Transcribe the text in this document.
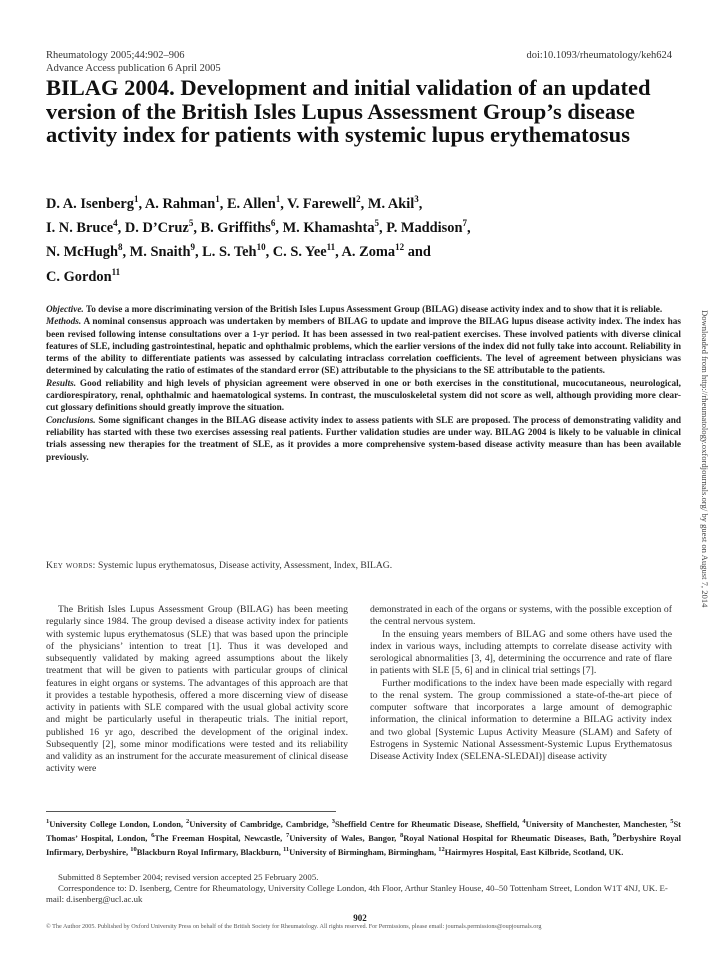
Rheumatology 2005;44:902–906
Advance Access publication 6 April 2005
doi:10.1093/rheumatology/keh624
BILAG 2004. Development and initial validation of an updated version of the British Isles Lupus Assessment Group’s disease activity index for patients with systemic lupus erythematosus
D. A. Isenberg$^1$, A. Rahman$^1$, E. Allen$^1$, V. Farewell$^2$, M. Akil$^3$,
I. N. Bruce$^4$, D. D’Cruz$^5$, B. Griffiths$^6$, M. Khamashta$^5$, P. Maddison$^7$,
N. McHugh$^8$, M. Snaith$^9$, L. S. Teh$^{10}$, C. S. Yee$^{11}$, A. Zoma$^{12}$ and
C. Gordon$^{11}$

Objective. To devise a more discriminating version of the British Isles Lupus Assessment Group (BILAG) disease activity index and to show that it is reliable.

Methods. A nominal consensus approach was undertaken by members of BILAG to update and improve the BILAG lupus disease activity index. The index has been revised following intense consultations over a 1-yr period. It has been assessed in two real-patient exercises. These involved patients with diverse clinical features of SLE, including gastrointestinal, hepatic and ophthalmic problems, which the earlier versions of the index did not fully take into account. Reliability in terms of the ability to differentiate patients was assessed by calculating intraclass correlation coefficients. The level of agreement between physicians was determined by calculating the ratio of estimates of the standard error (SE) attributable to the physicians to the SE attributable to the patients.

Results. Good reliability and high levels of physician agreement were observed in one or both exercises in the constitutional, mucocutaneous, neurological, cardiorespiratory, renal, ophthalmic and haematological systems. In contrast, the musculoskeletal system did not score as well, although providing more clear-cut glossary definitions should greatly improve the situation.

Conclusions. Some significant changes in the BILAG disease activity index to assess patients with SLE are proposed. The process of demonstrating validity and reliability has started with these two exercises assessing real patients. Further validation studies are under way. BILAG 2004 is likely to be valuable in clinical trials assessing new therapies for the treatment of SLE, as it provides a more comprehensive system-based disease activity measure than has been available previously.

Key words: Systemic lupus erythematosus, Disease activity, Assessment, Index, BILAG.	Downloaded from http://rheumatology.oxfordjournals.org/ by guest on August 7, 2014

The British Isles Lupus Assessment Group (BILAG) has been meeting regularly since 1984. The group devised a disease activity index for patients with systemic lupus erythematosus (SLE) that was based upon the principle of the physicians’ intention to treat [1]. Thus it was developed and subsequently validated by making agreed assumptions about the likely treatment that will be given to patients with particular groups of clinical features in eight organs or systems. The advantages of this approach are that it provides a testable hypothesis, offered a more discerning view of disease activity in patients with SLE compared with the usual global activity score and might be particularly useful in therapeutic trials. The initial report, published 16 yr ago, described the development of the original index. Subsequently [2], some minor modifications were tested and its reliability and validity as an instrument for the accurate measurement of clinical disease activity were

demonstrated in each of the organs or systems, with the possible exception of the central nervous system.

In the ensuing years members of BILAG and some others have used the index in various ways, including attempts to correlate disease activity with serological abnormalities [3, 4], determining the occurrence and rate of flare in patients with SLE [5, 6] and in clinical trial settings [7].

Further modifications to the index have been made especially with regard to the renal system. The group commissioned a state-of-the-art piece of computer software that incorporates a large amount of demographic information, the clinical information to determine a BILAG activity index and two global [Systemic Lupus Activity Measure (SLAM) and Safety of Estrogens in Systemic National Assessment-Systemic Lupus Erythematosus Disease Activity Index (SELENA-SLEDAI)] disease activity

$^1$University College London, London, $^2$University of Cambridge, Cambridge, $^3$Sheffield Centre for Rheumatic Disease, Sheffield, $^4$University of Manchester, Manchester, $^5$St Thomas’ Hospital, London, $^6$The Freeman Hospital, Newcastle, $^7$University of Wales, Bangor, $^8$Royal National Hospital for Rheumatic Diseases, Bath, $^9$Derbyshire Royal Infirmary, Derbyshire, $^{10}$Blackburn Royal Infirmary, Blackburn, $^{11}$University of Birmingham, Birmingham, $^{12}$Hairmyres Hospital, East Kilbride, Scotland, UK.

Submitted 8 September 2004; revised version accepted 25 February 2005.

Correspondence to: D. Isenberg, Centre for Rheumatology, University College London, 4th Floor, Arthur Stanley House, 40–50 Tottenham Street, London W1T 4NJ, UK. E-mail: d.isenberg@ucl.ac.uk

902
© The Author 2005. Published by Oxford University Press on behalf of the British Society for Rheumatology. All rights reserved. For Permissions, please email: journals.permissions@oupjournals.org
